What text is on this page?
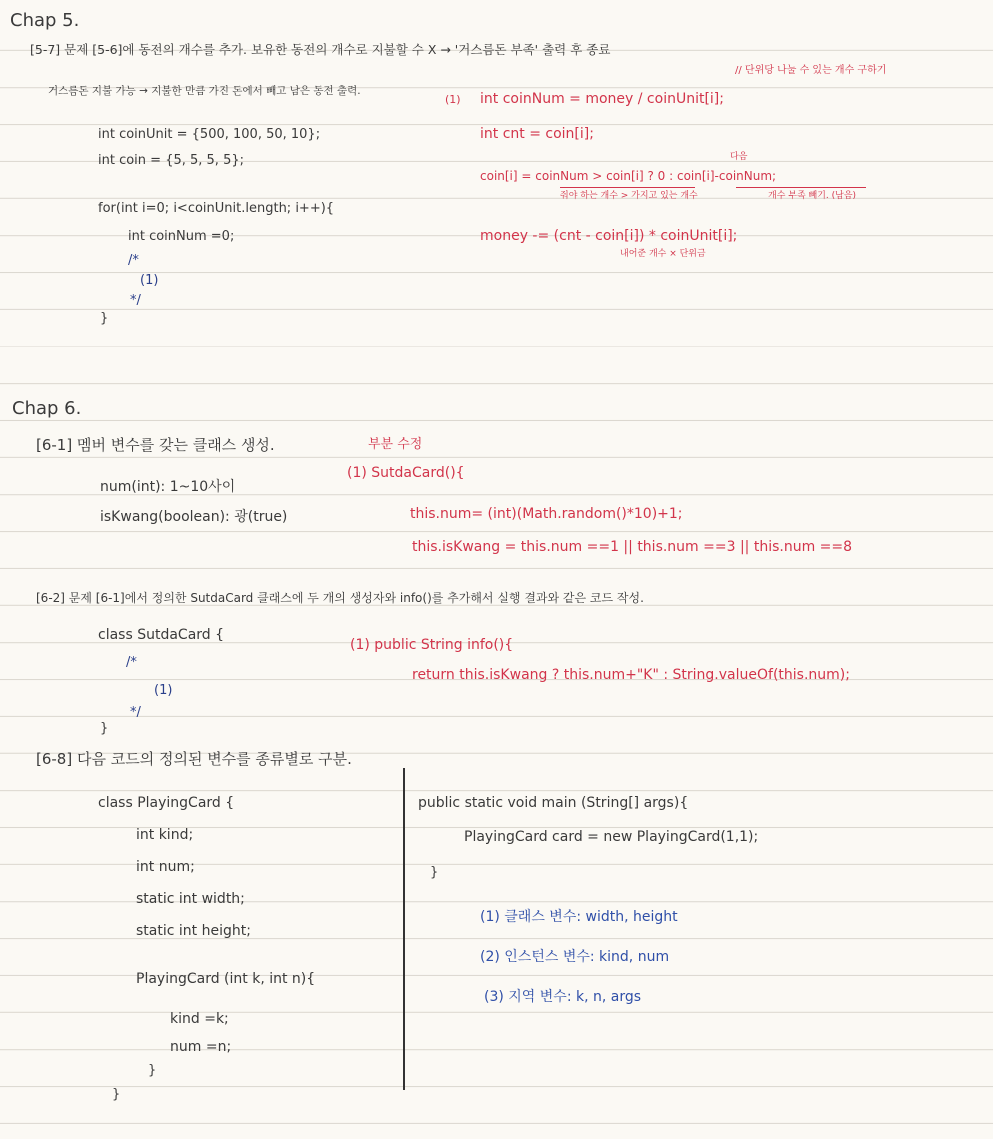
Chap 5.
[5-7] 문제 [5-6]에 동전의 개수를 추가. 보유한 동전의 개수로 지불할 수 X → '거스름돈 부족' 출력 후 종료
// 단위당 나눌 수 있는 개수 구하기
거스름돈 지불 가능 → 지불한 만큼 가진 돈에서 빼고 남은 동전 출력.
int coinUnit = {500, 100, 50, 10};
int coin = {5, 5, 5, 5};
for(int i=0; i<coinUnit.length; i++){
int coinNum =0;
/*
(1)
*/
}
(1) int coinNum = money / coinUnit[i];
int cnt = coin[i];
다음
coin[i] = coinNum > coin[i] ? 0 : coin[i]-coinNum;
줘야 하는 개수 > 가지고 있는 개수	개수 부족 빼기. (남음)
money -= (cnt - coin[i]) * coinUnit[i];
내어준 개수 × 단위금
Chap 6.
[6-1] 멤버 변수를 갖는 클래스 생성.	부분 수정
num(int): 1~10사이
isKwang(boolean): 광(true)
(1) SutdaCard(){
this.num= (int)(Math.random()*10)+1;
this.isKwang = this.num ==1 || this.num ==3 || this.num ==8
[6-2] 문제 [6-1]에서 정의한 SutdaCard 클래스에 두 개의 생성자와 info()를 추가해서 실행 결과와 같은 코드 작성.
class SutdaCard {
/*
(1)
*/
}
(1) public String info(){
return this.isKwang ? this.num+"K" : String.valueOf(this.num);
[6-8] 다음 코드의 정의된 변수를 종류별로 구분.
class PlayingCard {
int kind;
int num;
static int width;
static int height;
PlayingCard (int k, int n){
kind =k;
num =n;
}
}
public static void main (String[] args){
PlayingCard card = new PlayingCard(1,1);
}
(1) 클래스 변수: width, height
(2) 인스턴스 변수: kind, num
(3) 지역 변수: k, n, args
